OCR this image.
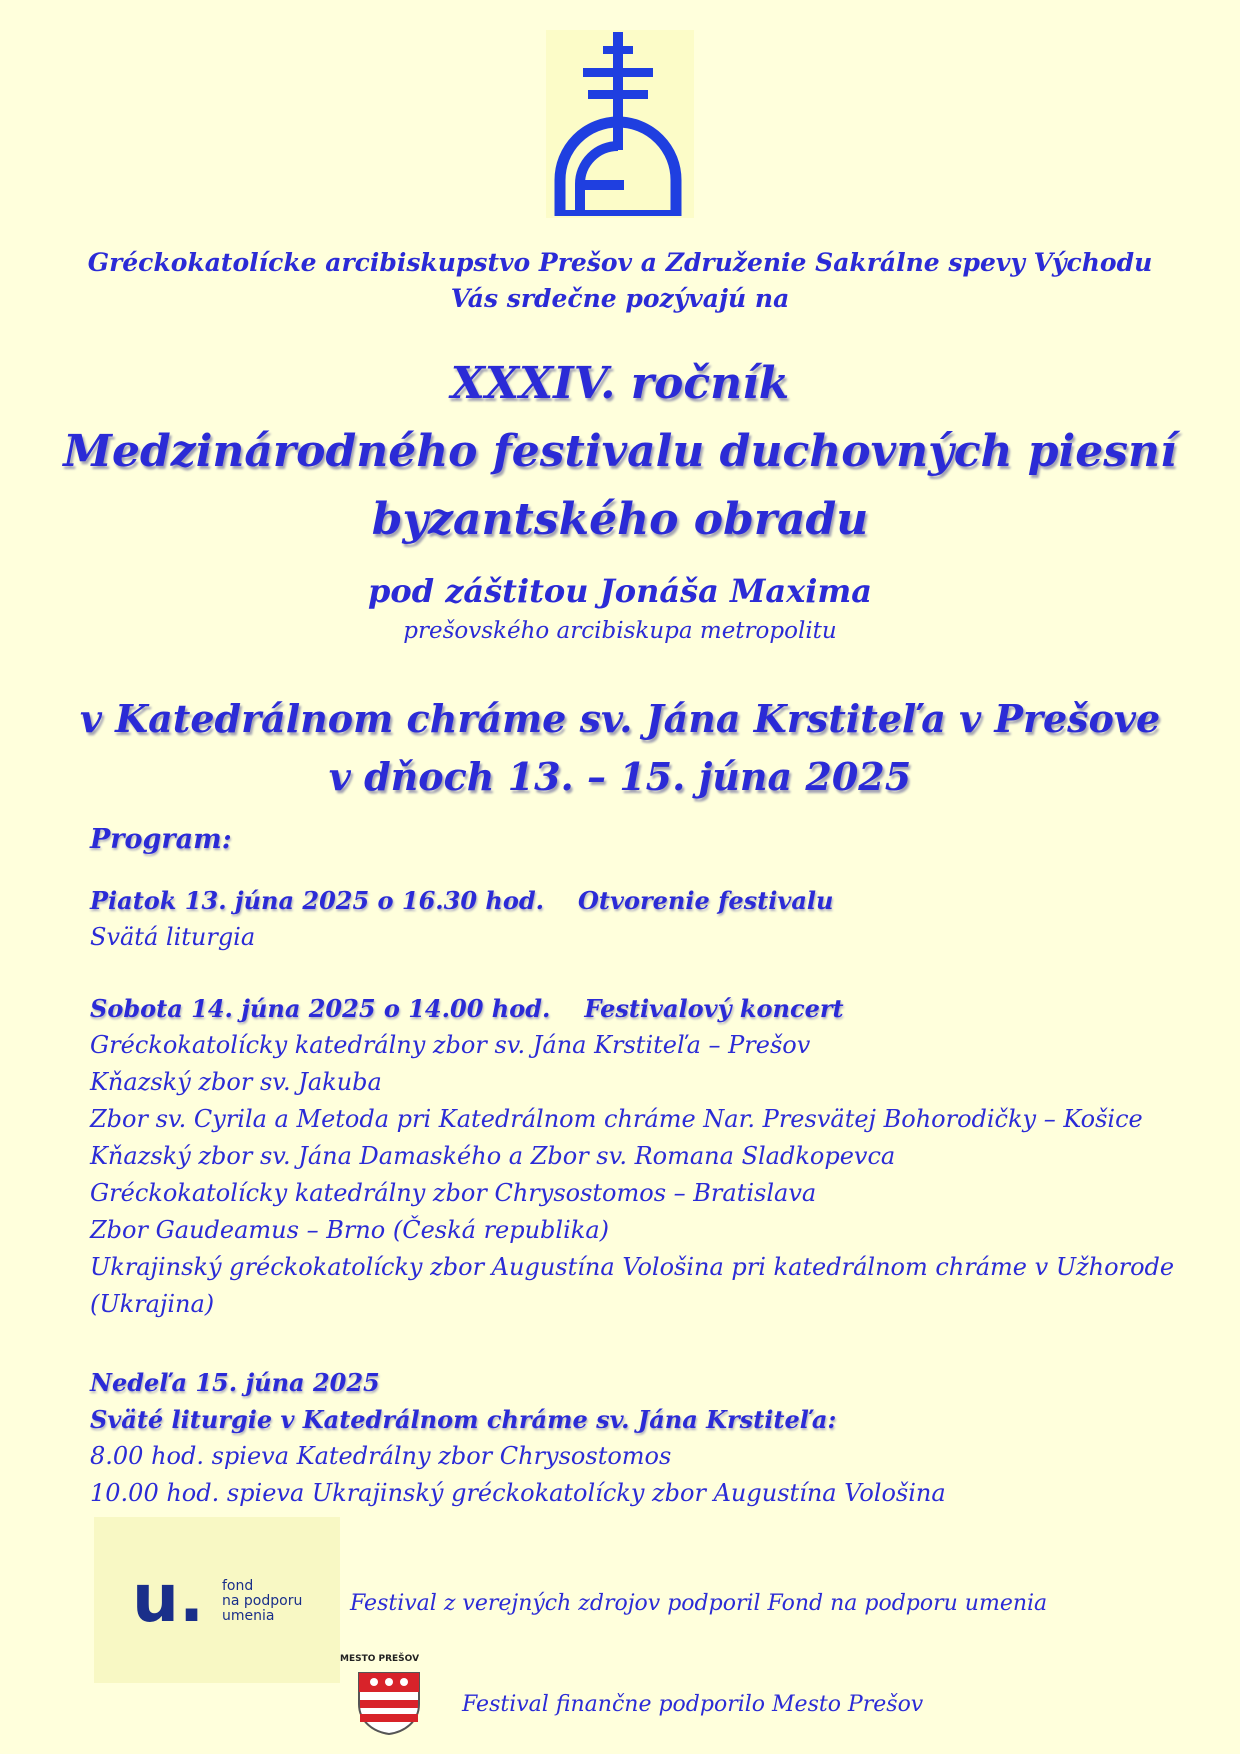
Gréckokatolícke arcibiskupstvo Prešov a Združenie Sakrálne spevy Východu
Vás srdečne pozývajú na
XXXIV. ročník
Medzinárodného festivalu duchovných piesní
byzantského obradu
pod záštitou Jonáša Maxima
prešovského arcibiskupa metropolitu
v Katedrálnom chráme sv. Jána Krstiteľa v Prešove
v dňoch 13. – 15. júna 2025
Program:
Piatok 13. júna 2025 o 16.30 hod. Otvorenie festivalu
Svätá liturgia
Sobota 14. júna 2025 o 14.00 hod. Festivalový koncert
Gréckokatolícky katedrálny zbor sv. Jána Krstiteľa – Prešov
Kňazský zbor sv. Jakuba
Zbor sv. Cyrila a Metoda pri Katedrálnom chráme Nar. Presvätej Bohorodičky – Košice
Kňazský zbor sv. Jána Damaského a Zbor sv. Romana Sladkopevca
Gréckokatolícky katedrálny zbor Chrysostomos – Bratislava
Zbor Gaudeamus – Brno (Česká republika)
Ukrajinský gréckokatolícky zbor Augustína Vološina pri katedrálnom chráme v Užhorode
(Ukrajina)
Nedeľa 15. júna 2025
Sväté liturgie v Katedrálnom chráme sv. Jána Krstiteľa:
8.00 hod. spieva Katedrálny zbor Chrysostomos
10.00 hod. spieva Ukrajinský gréckokatolícky zbor Augustína Vološina
u. fond
na podporu
umenia	Festival z verejných zdrojov podporil Fond na podporu umenia
MESTO PREŠOV
Festival finančne podporilo Mesto Prešov
